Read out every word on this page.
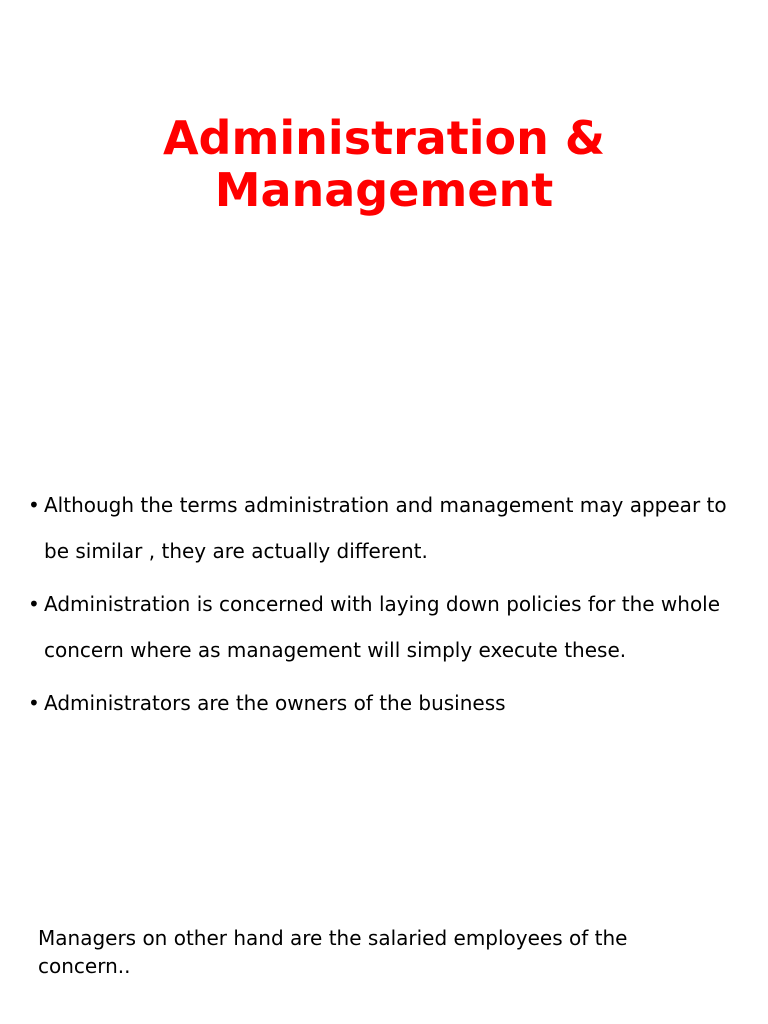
Administration &
Management
• Although the terms administration and management may appear to be similar , they are actually different.
• Administration is concerned with laying down policies for the whole concern where as management will simply execute these.
• Administrators are the owners of the business

Managers on other hand are the salaried employees of the concern..
